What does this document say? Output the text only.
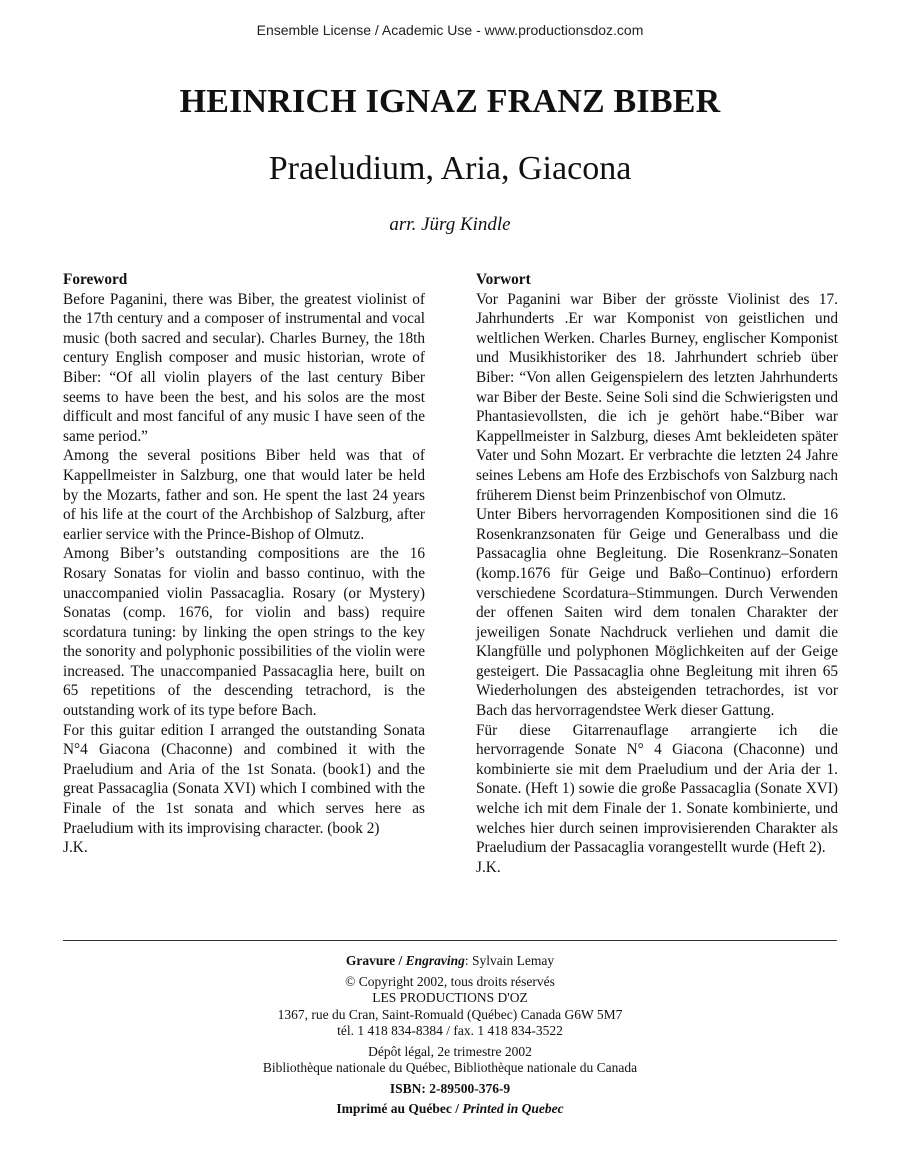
Ensemble License / Academic Use - www.productionsdoz.com
HEINRICH IGNAZ FRANZ BIBER
Praeludium, Aria, Giacona
arr. Jürg Kindle
Foreword

Before Paganini, there was Biber, the greatest violinist of the 17th century and a composer of instrumental and vocal music (both sacred and secular). Charles Burney, the 18th century English composer and music historian, wrote of Biber: “Of all violin players of the last century Biber seems to have been the best, and his solos are the most difficult and most fanciful of any music I have seen of the same period.”

Among the several positions Biber held was that of Kappellmeister in Salzburg, one that would later be held by the Mozarts, father and son. He spent the last 24 years of his life at the court of the Archbishop of Salzburg, after earlier service with the Prince-Bishop of Olmutz.

Among Biber’s outstanding compositions are the 16 Rosary Sonatas for violin and basso continuo, with the unaccompanied violin Passacaglia. Rosary (or Mystery) Sonatas (comp. 1676, for violin and bass) require scordatura tuning: by linking the open strings to the key the sonority and polyphonic possibilities of the violin were increased. The unaccompanied Passacaglia here, built on 65 repetitions of the descending tetrachord, is the outstanding work of its type before Bach.

For this guitar edition I arranged the outstanding Sonata N°4 Giacona (Chaconne) and combined it with the Praeludium and Aria of the 1st Sonata. (book1) and the great Passacaglia (Sonata XVI) which I combined with the Finale of the 1st sonata and which serves here as Praeludium with its improvising character. (book 2)

J.K.

Vorwort

Vor Paganini war Biber der grösste Violinist des 17. Jahrhunderts .Er war Komponist von geistlichen und weltlichen Werken. Charles Burney, englischer Komponist und Musikhistoriker des 18. Jahrhundert schrieb über Biber: “Von allen Geigenspielern des letzten Jahrhunderts war Biber der Beste. Seine Soli sind die Schwierigsten und Phantasievollsten, die ich je gehört habe.“Biber war Kappellmeister in Salzburg, dieses Amt bekleideten später Vater und Sohn Mozart. Er verbrachte die letzten 24 Jahre seines Lebens am Hofe des Erzbischofs von Salzburg nach früherem Dienst beim Prinzenbischof von Olmutz.

Unter Bibers hervorragenden Kompositionen sind die 16 Rosenkranzsonaten für Geige und Generalbass und die Passacaglia ohne Begleitung. Die Rosenkranz–Sonaten (komp.1676 für Geige und Baßo–Continuo) erfordern verschiedene Scordatura–Stimmungen. Durch Verwenden der offenen Saiten wird dem tonalen Charakter der jeweiligen Sonate Nachdruck verliehen und damit die Klangfülle und polyphonen Möglichkeiten auf der Geige gesteigert. Die Passacaglia ohne Begleitung mit ihren 65 Wiederholungen des absteigenden tetrachordes, ist vor Bach das hervorragendstee Werk dieser Gattung.

Für diese Gitarrenauflage arrangierte ich die hervorragende Sonate N° 4 Giacona (Chaconne) und kombinierte sie mit dem Praeludium und der Aria der 1. Sonate. (Heft 1) sowie die große Passacaglia (Sonate XVI) welche ich mit dem Finale der 1. Sonate kombinierte, und welches hier durch seinen improvisierenden Charakter als Praeludium der Passacaglia vorangestellt wurde (Heft 2).

J.K.

Gravure / Engraving: Sylvain Lemay
© Copyright 2002, tous droits réservés
LES PRODUCTIONS D'OZ
1367, rue du Cran, Saint-Romuald (Québec) Canada G6W 5M7
tél. 1 418 834-8384 / fax. 1 418 834-3522
Dépôt légal, 2e trimestre 2002
Bibliothèque nationale du Québec, Bibliothèque nationale du Canada
ISBN: 2-89500-376-9
Imprimé au Québec / Printed in Quebec
